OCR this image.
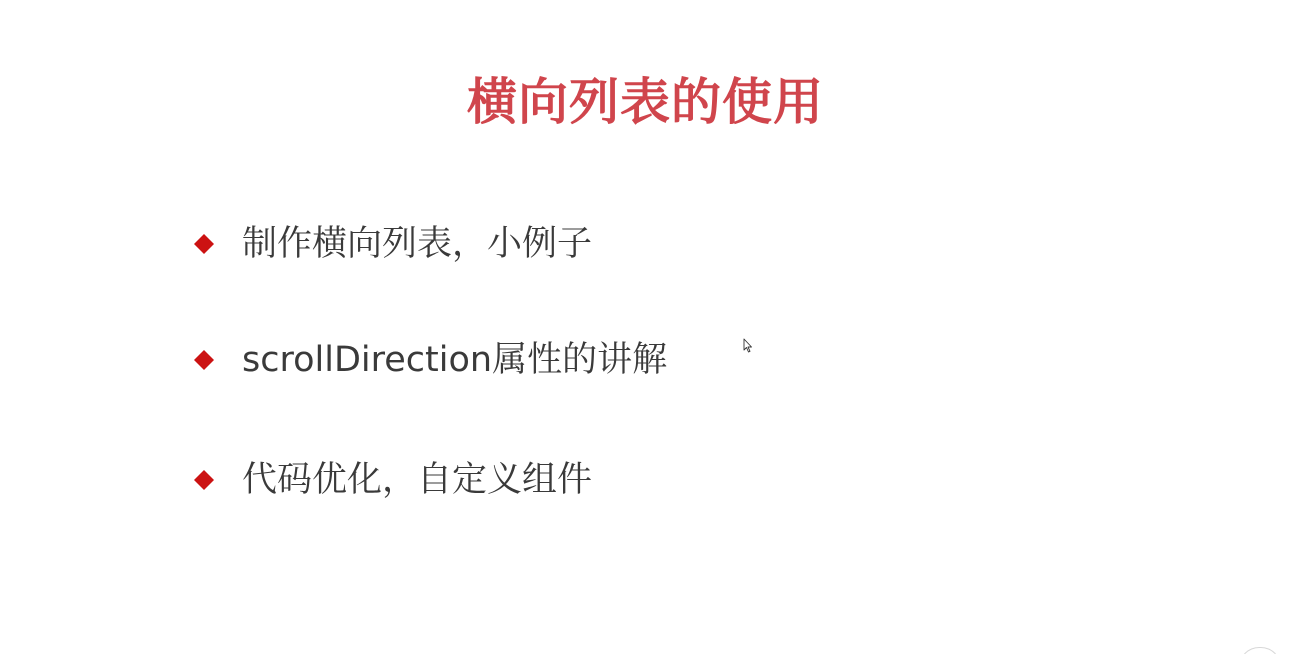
横向列表的使用
制作横向列表，小例子
scrollDirection属性的讲解
代码优化，自定义组件
